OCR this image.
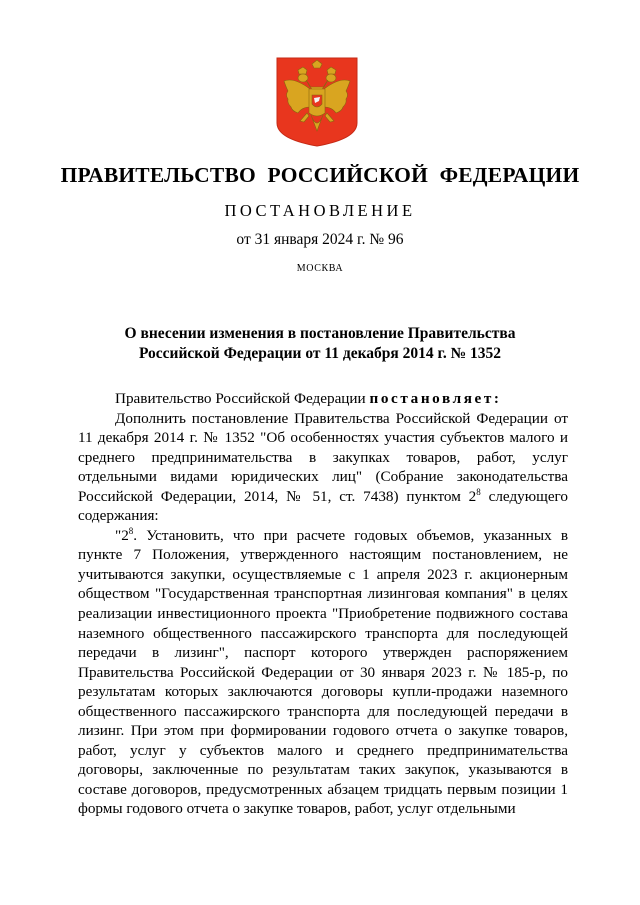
ПРАВИТЕЛЬСТВО РОССИЙСКОЙ ФЕДЕРАЦИИ
ПОСТАНОВЛЕНИЕ
от 31 января 2024 г. № 96
МОСКВА
О внесении изменения в постановление Правительства
Российской Федерации от 11 декабря 2014 г. № 1352

Правительство Российской Федерации постановляет:

Дополнить постановление Правительства Российской Федерации от 11 декабря 2014 г. № 1352 "Об особенностях участия субъектов малого и среднего предпринимательства в закупках товаров, работ, услуг отдельными видами юридических лиц" (Собрание законодательства Российской Федерации, 2014, № 51, ст. 7438) пунктом $2^8$ следующего содержания:

"$2^8$. Установить, что при расчете годовых объемов, указанных в пункте 7 Положения, утвержденного настоящим постановлением, не учитываются закупки, осуществляемые с 1 апреля 2023 г. акционерным обществом "Государственная транспортная лизинговая компания" в целях реализации инвестиционного проекта "Приобретение подвижного состава наземного общественного пассажирского транспорта для последующей передачи в лизинг", паспорт которого утвержден распоряжением Правительства Российской Федерации от 30 января 2023 г. № 185-р, по результатам которых заключаются договоры купли-продажи наземного общественного пассажирского транспорта для последующей передачи в лизинг. При этом при формировании годового отчета о закупке товаров, работ, услуг у субъектов малого и среднего предпринимательства договоры, заключенные по результатам таких закупок, указываются в составе договоров, предусмотренных абзацем тридцать первым позиции 1 формы годового отчета о закупке товаров, работ, услуг отдельными
